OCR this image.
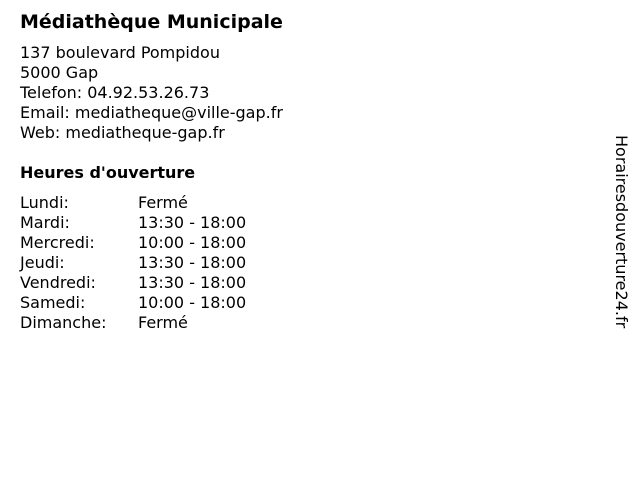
Médiathèque Municipale
137 boulevard Pompidou
5000 Gap
Telefon: 04.92.53.26.73
Email: mediatheque@ville-gap.fr
Web: mediatheque-gap.fr
Heures d'ouverture
Lundi:	Fermé
Mardi:	13:30 - 18:00
Mercredi:	10:00 - 18:00
Jeudi:	13:30 - 18:00
Vendredi:	13:30 - 18:00
Samedi:	10:00 - 18:00
Dimanche:	Fermé	Horairesdouverture24.fr
